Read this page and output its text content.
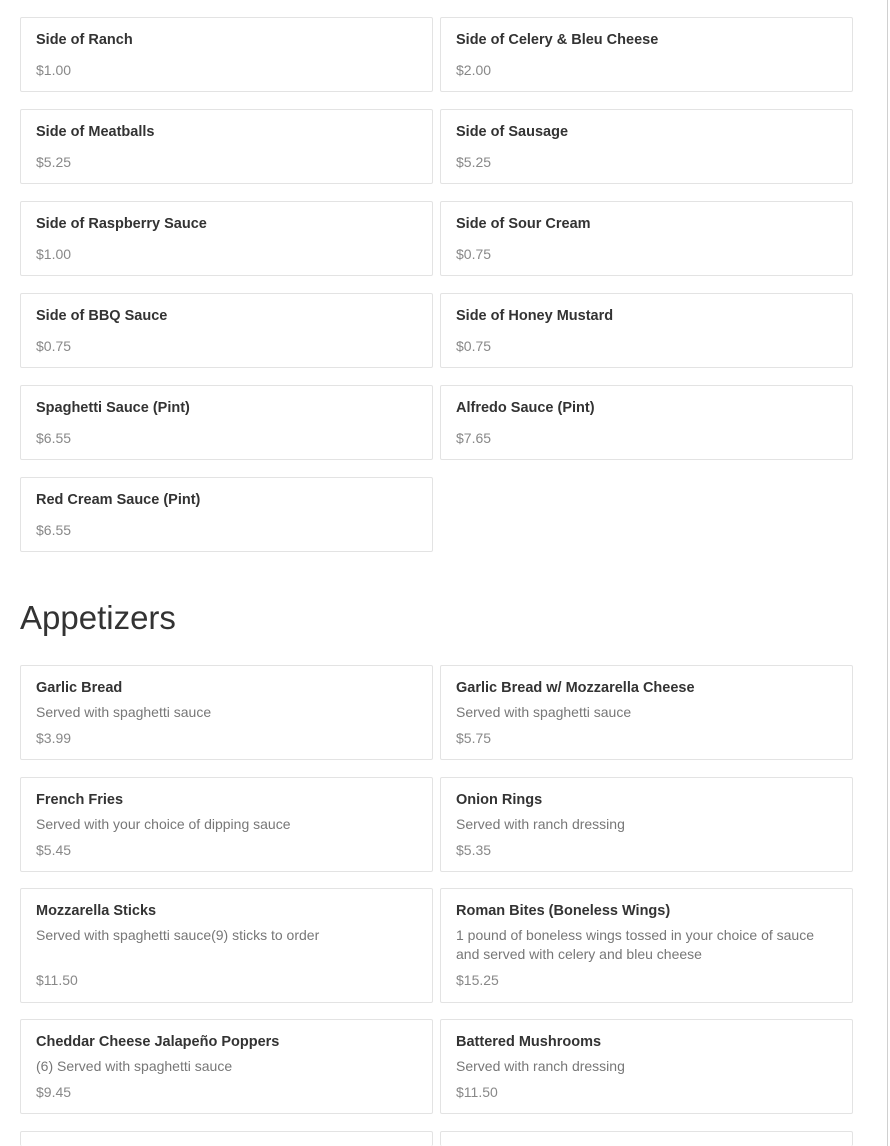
Side of Ranch
$1.00
Side of Celery & Bleu Cheese
$2.00
Side of Meatballs
$5.25
Side of Sausage
$5.25
Side of Raspberry Sauce
$1.00
Side of Sour Cream
$0.75
Side of BBQ Sauce
$0.75
Side of Honey Mustard
$0.75
Spaghetti Sauce (Pint)
$6.55
Alfredo Sauce (Pint)
$7.65
Red Cream Sauce (Pint)
$6.55
Appetizers
Garlic Bread
Served with spaghetti sauce
$3.99
Garlic Bread w/ Mozzarella Cheese
Served with spaghetti sauce
$5.75
French Fries
Served with your choice of dipping sauce
$5.45
Onion Rings
Served with ranch dressing
$5.35
Mozzarella Sticks
Served with spaghetti sauce(9) sticks to order
$11.50
Roman Bites (Boneless Wings)
1 pound of boneless wings tossed in your choice of sauce and served with celery and bleu cheese
$15.25
Cheddar Cheese Jalapeño Poppers
(6) Served with spaghetti sauce
$9.45
Battered Mushrooms
Served with ranch dressing
$11.50
